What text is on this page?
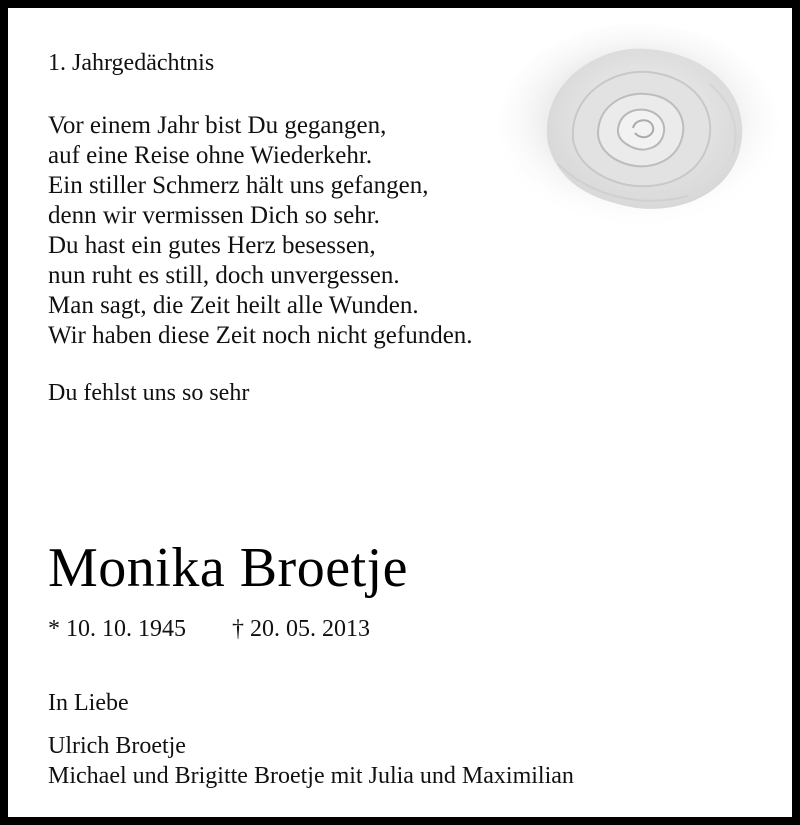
1. Jahrgedächtnis

Vor einem Jahr bist Du gegangen,
auf eine Reise ohne Wiederkehr.
Ein stiller Schmerz hält uns gefangen,
denn wir vermissen Dich so sehr.
Du hast ein gutes Herz besessen,
nun ruht es still, doch unvergessen.
Man sagt, die Zeit heilt alle Wunden.
Wir haben diese Zeit noch nicht gefunden.

Du fehlst uns so sehr

Monika Broetje
* 10. 10. 1945 † 20. 05. 2013
In Liebe
Ulrich Broetje
Michael und Brigitte Broetje mit Julia und Maximilian
